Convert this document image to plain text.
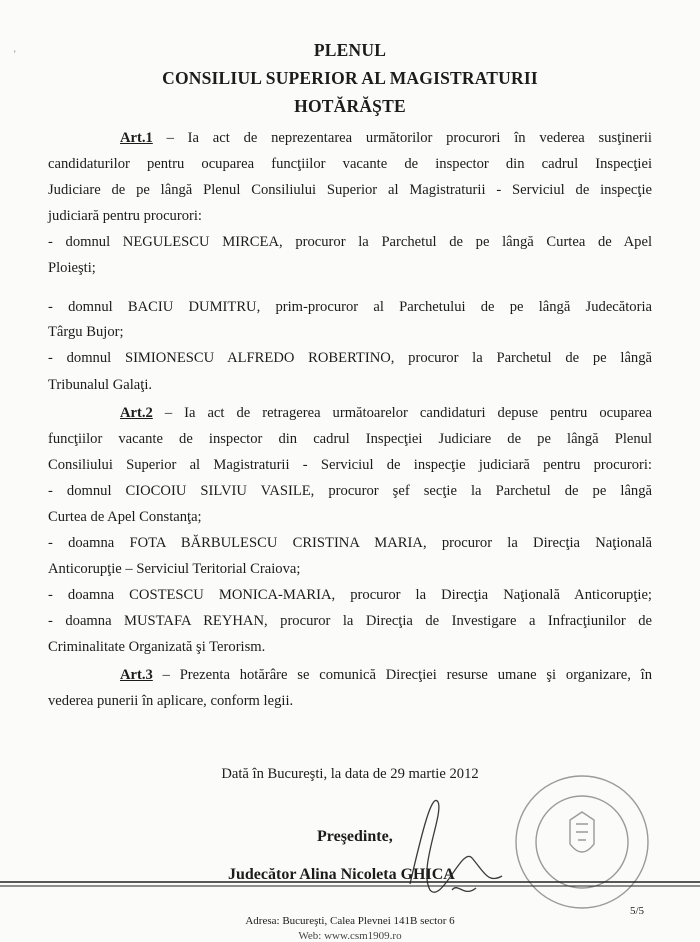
'	PLENUL
CONSILIUL SUPERIOR AL MAGISTRATURII
HOTĂRĂŞTE
Art.1 – Ia act de neprezentarea următorilor procurori în vederea susţinerii
candidaturilor pentru ocuparea funcţiilor vacante de inspector din cadrul Inspecţiei
Judiciare de pe lângă Plenul Consiliului Superior al Magistraturii - Serviciul de inspecţie
judiciară pentru procurori:
- domnul NEGULESCU MIRCEA, procuror la Parchetul de pe lângă Curtea de Apel
Ploieşti;
- domnul BACIU DUMITRU, prim-procuror al Parchetului de pe lângă Judecătoria
Târgu Bujor;
- domnul SIMIONESCU ALFREDO ROBERTINO, procuror la Parchetul de pe lângă
Tribunalul Galaţi.
Art.2 – Ia act de retragerea următoarelor candidaturi depuse pentru ocuparea
funcţiilor vacante de inspector din cadrul Inspecţiei Judiciare de pe lângă Plenul
Consiliului Superior al Magistraturii - Serviciul de inspecţie judiciară pentru procurori:
- domnul CIOCOIU SILVIU VASILE, procuror şef secţie la Parchetul de pe lângă
Curtea de Apel Constanţa;
- doamna FOTA BĂRBULESCU CRISTINA MARIA, procuror la Direcţia Naţională
Anticorupţie – Serviciul Teritorial Craiova;
- doamna COSTESCU MONICA-MARIA, procuror la Direcţia Naţională Anticorupţie;
- doamna MUSTAFA REYHAN, procuror la Direcţia de Investigare a Infracţiunilor de
Criminalitate Organizată şi Terorism.
Art.3 – Prezenta hotărâre se comunică Direcţiei resurse umane şi organizare, în
vederea punerii în aplicare, conform legii.
Dată în Bucureşti, la data de 29 martie 2012
Preşedinte,
Judecător Alina Nicoleta GHICA
5/5
Adresa: Bucureşti, Calea Plevnei 141B sector 6
Web: www.csm1909.ro
